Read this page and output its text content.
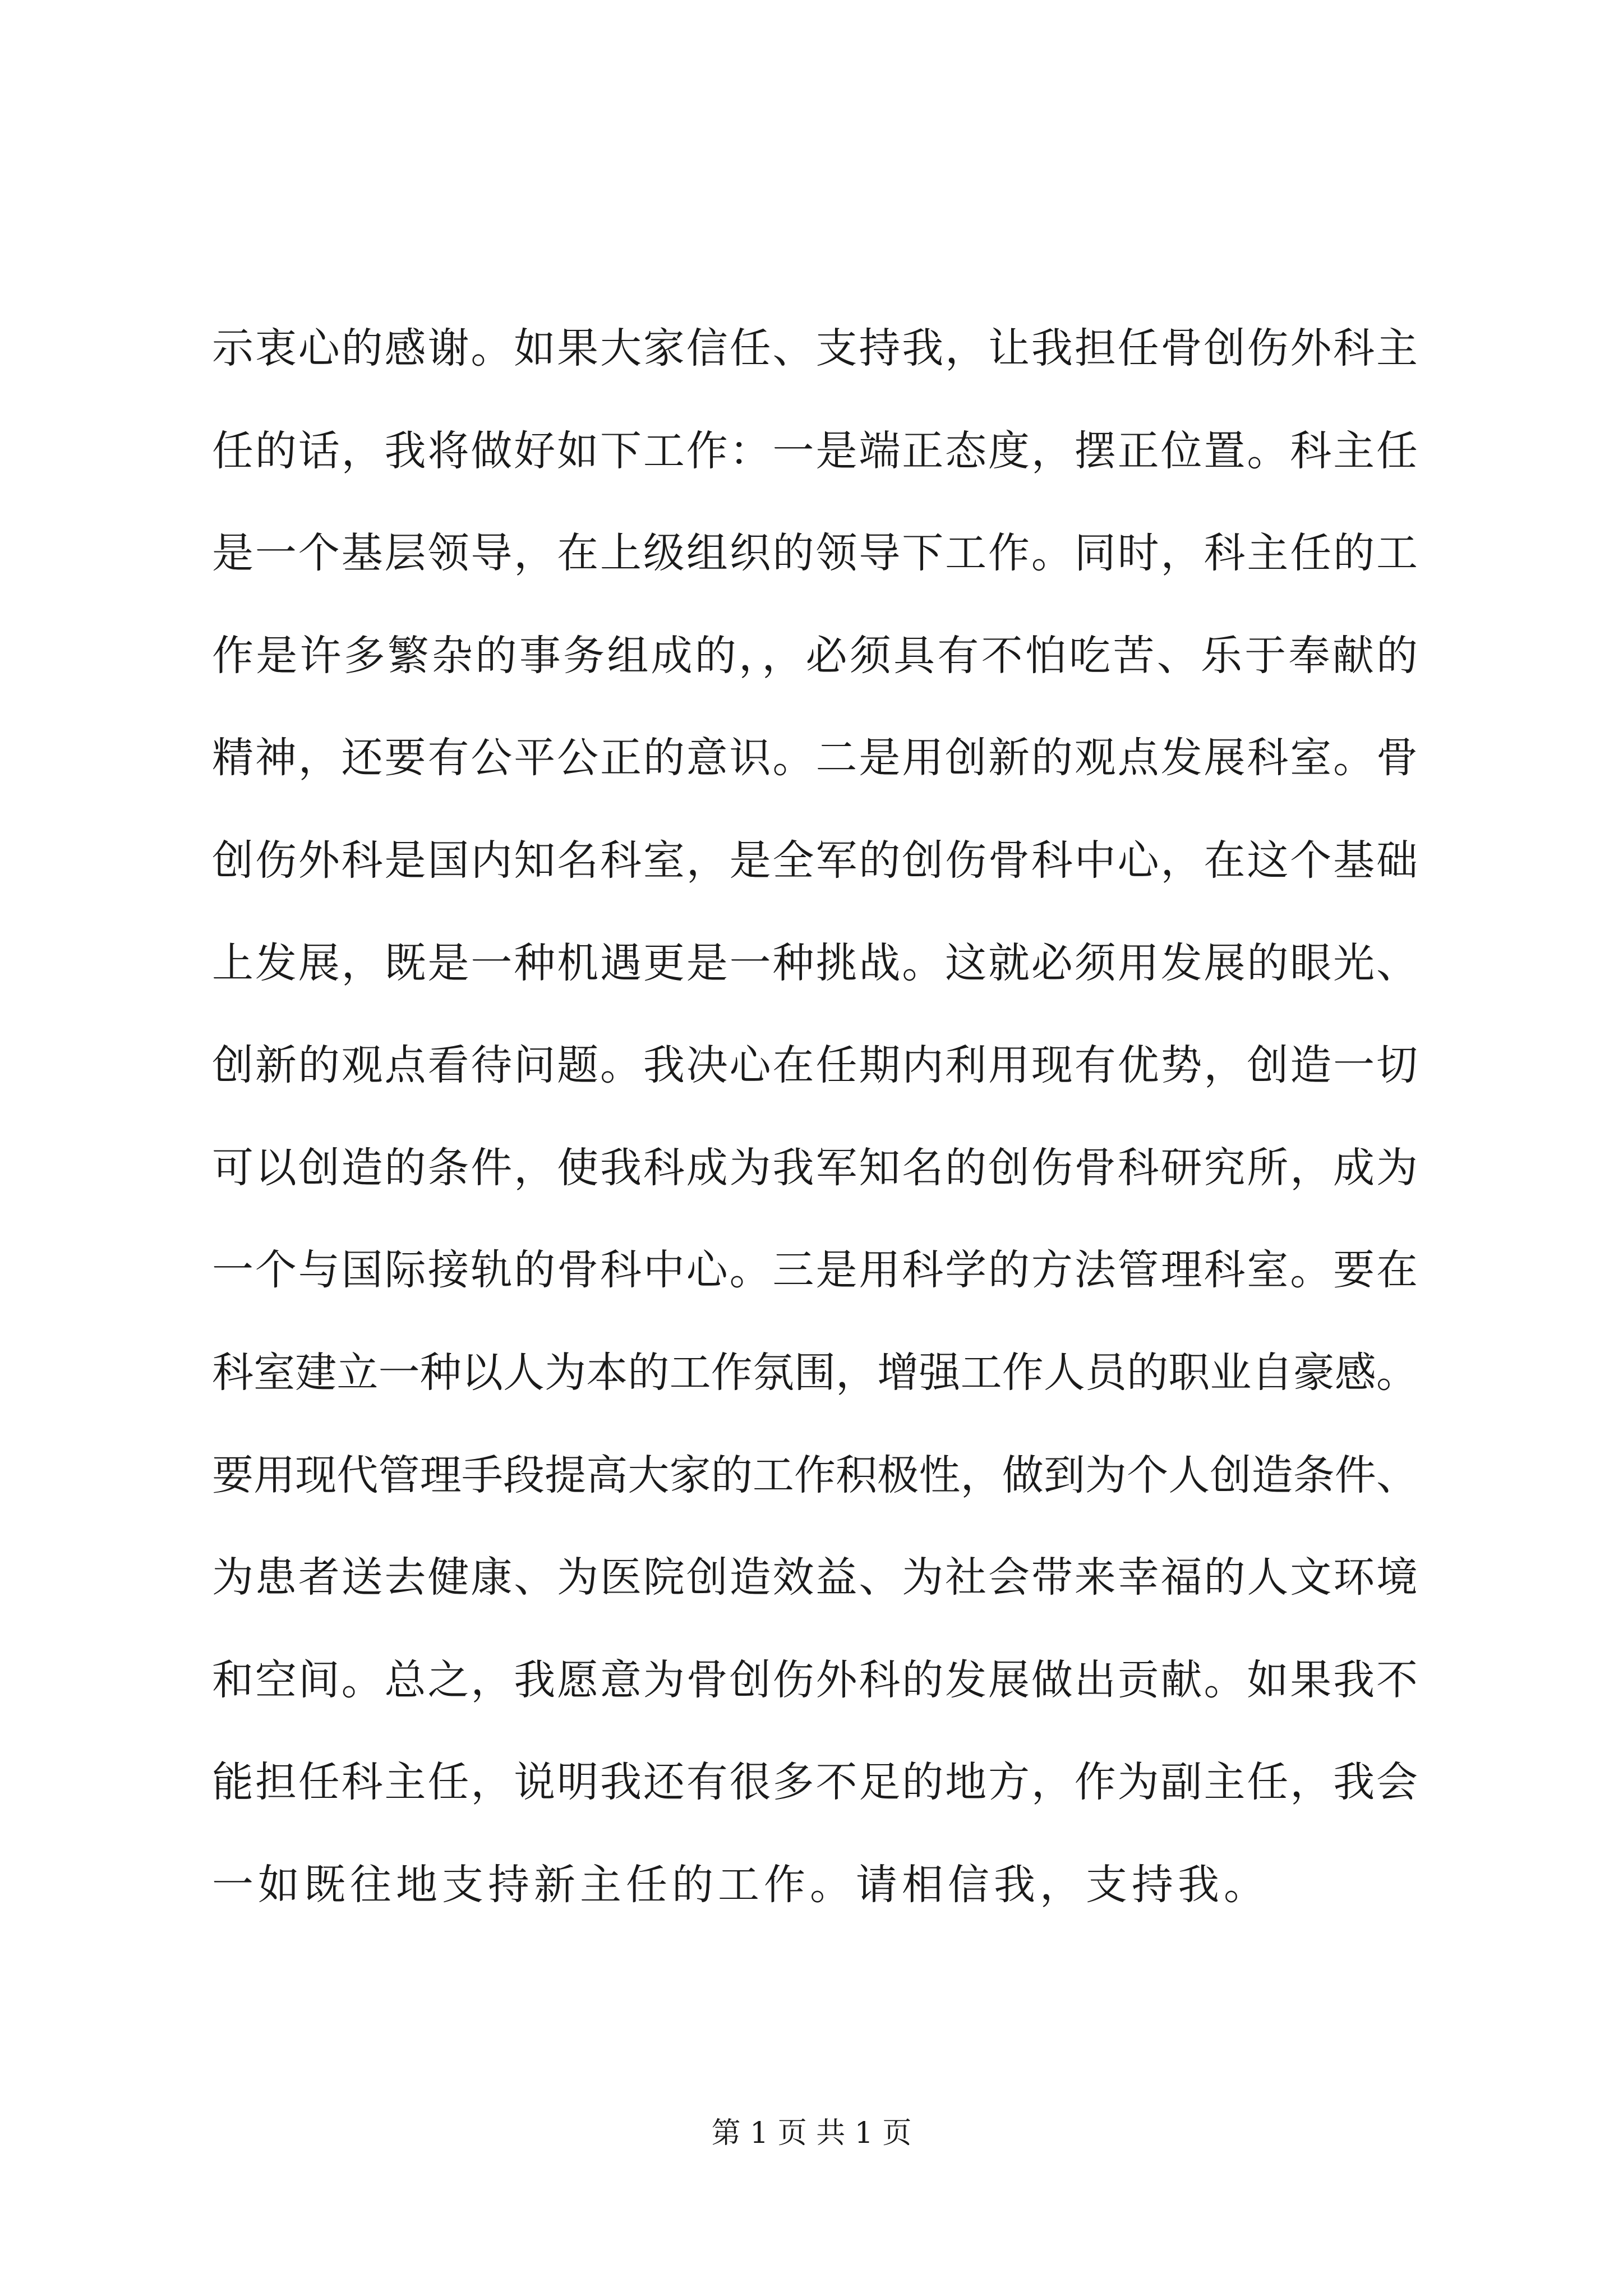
示衷心的感谢。如果大家信任、支持我，让我担任骨创伤外科主
任的话，我将做好如下工作：一是端正态度，摆正位置。科主任
是一个基层领导，在上级组织的领导下工作。同时，科主任的工
作是许多繁杂的事务组成的，，必须具有不怕吃苦、乐于奉献的
精神，还要有公平公正的意识。二是用创新的观点发展科室。骨
创伤外科是国内知名科室，是全军的创伤骨科中心，在这个基础
上发展，既是一种机遇更是一种挑战。这就必须用发展的眼光、
创新的观点看待问题。我决心在任期内利用现有优势，创造一切
可以创造的条件，使我科成为我军知名的创伤骨科研究所，成为
一个与国际接轨的骨科中心。三是用科学的方法管理科室。要在
科室建立一种以人为本的工作氛围，增强工作人员的职业自豪感。
要用现代管理手段提高大家的工作积极性，做到为个人创造条件、
为患者送去健康、为医院创造效益、为社会带来幸福的人文环境
和空间。总之，我愿意为骨创伤外科的发展做出贡献。如果我不
能担任科主任，说明我还有很多不足的地方，作为副主任，我会
一如既往地支持新主任的工作。请相信我，支持我。
第 1 页 共 1 页
